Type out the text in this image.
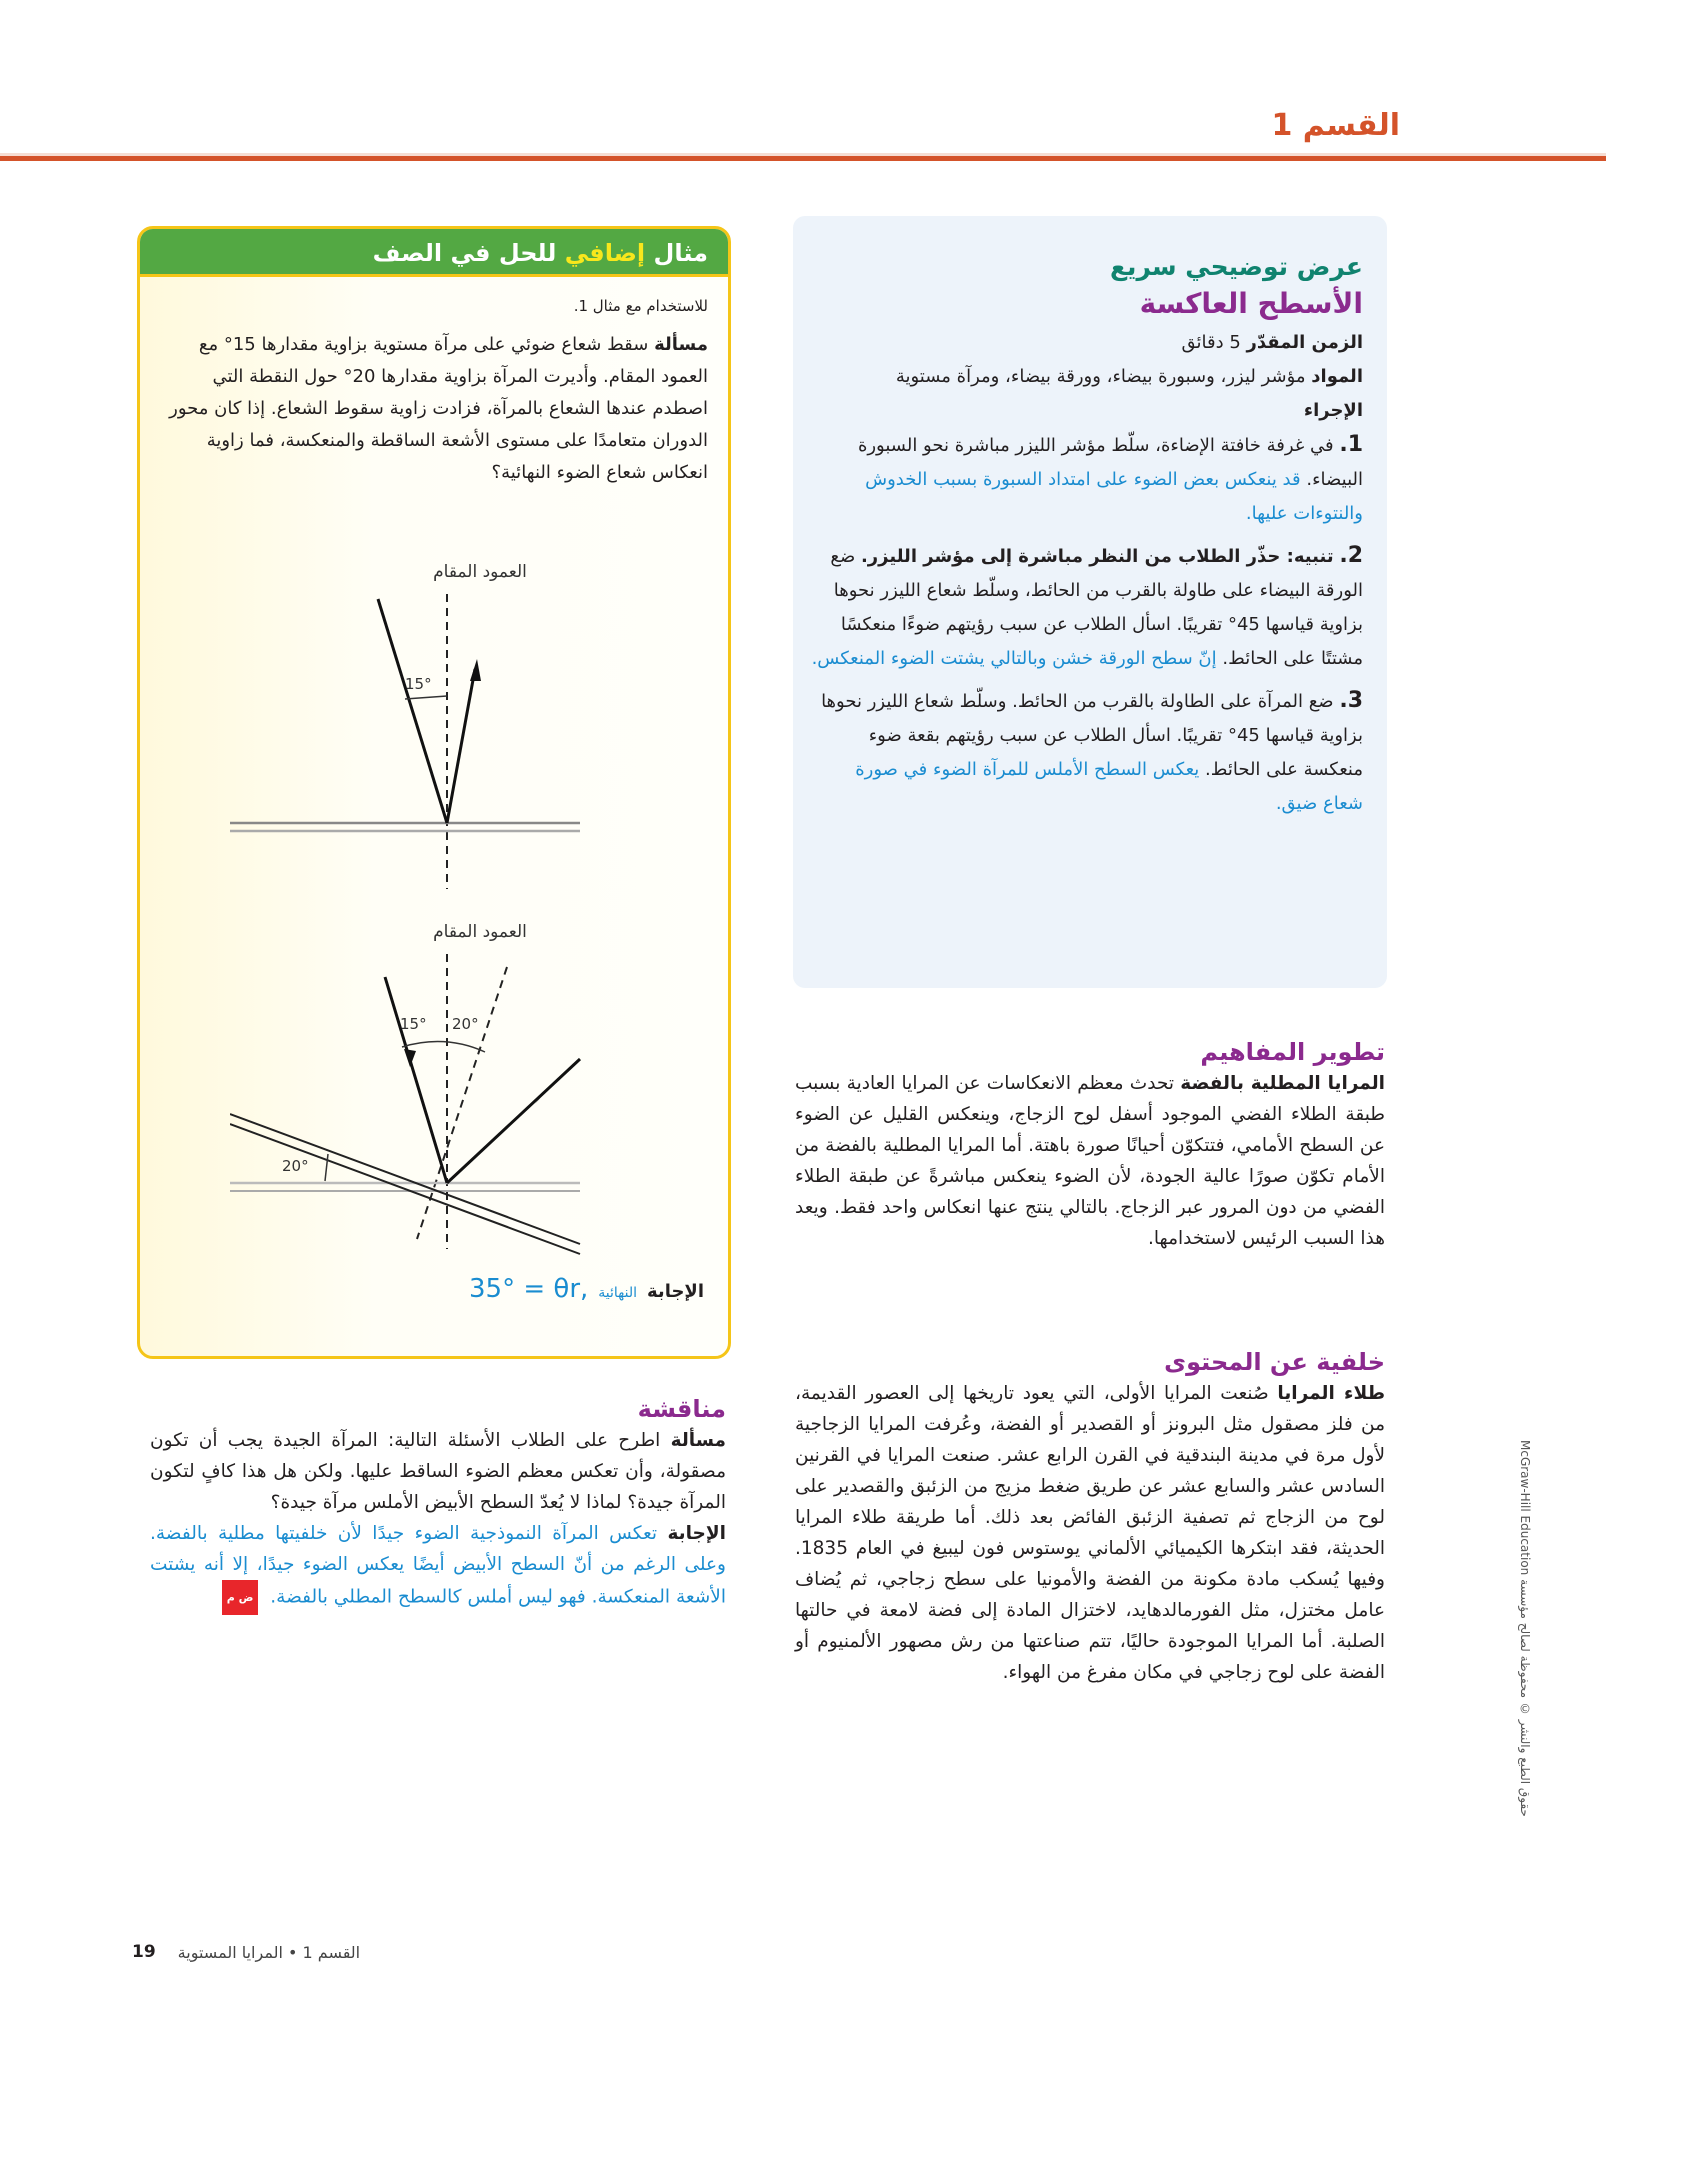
القسم 1
عرض توضيحي سريع
الأسطح العاكسة

الزمن المقدّر 5 دقائق

المواد مؤشر ليزر، وسبورة بيضاء، وورقة بيضاء، ومرآة مستوية

الإجراء

1. في غرفة خافتة الإضاءة، سلّط مؤشر الليزر مباشرة نحو السبورة البيضاء. قد ينعكس بعض الضوء على امتداد السبورة بسبب الخدوش والنتوءات عليها.

2. تنبيه: حذّر الطلاب من النظر مباشرة إلى مؤشر الليزر. ضع الورقة البيضاء على طاولة بالقرب من الحائط، وسلّط شعاع الليزر نحوها بزاوية قياسها 45° تقريبًا. اسأل الطلاب عن سبب رؤيتهم ضوءًا منعكسًا مشتتًا على الحائط. إنّ سطح الورقة خشن وبالتالي يشتت الضوء المنعكس.

3. ضع المرآة على الطاولة بالقرب من الحائط. وسلّط شعاع الليزر نحوها بزاوية قياسها 45° تقريبًا. اسأل الطلاب عن سبب رؤيتهم بقعة ضوء منعكسة على الحائط. يعكس السطح الأملس للمرآة الضوء في صورة شعاع ضيق.

تطوير المفاهيم

المرايا المطلية بالفضة تحدث معظم الانعكاسات عن المرايا العادية بسبب طبقة الطلاء الفضي الموجود أسفل لوح الزجاج، وينعكس القليل عن الضوء عن السطح الأمامي، فتتكوّن أحيانًا صورة باهتة. أما المرايا المطلية بالفضة من الأمام تكوّن صورًا عالية الجودة، لأن الضوء ينعكس مباشرةً عن طبقة الطلاء الفضي من دون المرور عبر الزجاج. بالتالي ينتج عنها انعكاس واحد فقط. ويعد هذا السبب الرئيس لاستخدامها.

خلفية عن المحتوى

طلاء المرايا صُنعت المرايا الأولى، التي يعود تاريخها إلى العصور القديمة، من فلز مصقول مثل البرونز أو القصدير أو الفضة، وعُرفت المرايا الزجاجية لأول مرة في مدينة البندقية في القرن الرابع عشر. صنعت المرايا في القرنين السادس عشر والسابع عشر عن طريق ضغط مزيج من الزئبق والقصدير على لوح من الزجاج ثم تصفية الزئبق الفائض بعد ذلك. أما طريقة طلاء المرايا الحديثة، فقد ابتكرها الكيميائي الألماني يوستوس فون ليبيغ في العام 1835. وفيها يُسكب مادة مكونة من الفضة والأمونيا على سطح زجاجي، ثم يُضاف عامل مختزل، مثل الفورمالدهايد، لاختزال المادة إلى فضة لامعة في حالتها الصلبة. أما المرايا الموجودة حاليًا، تتم صناعتها من رش مصهور الألمنيوم أو الفضة على لوح زجاجي في مكان مفرغ من الهواء.

مثال إضافي للحل في الصف

للاستخدام مع مثال 1.

مسألة سقط شعاع ضوئي على مرآة مستوية بزاوية مقدارها 15° مع العمود المقام. وأديرت المرآة بزاوية مقدارها 20° حول النقطة التي اصطدم عندها الشعاع بالمرآة، فزادت زاوية سقوط الشعاع. إذا كان محور الدوران متعامدًا على مستوى الأشعة الساقطة والمنعكسة، فما زاوية انعكاس شعاع الضوء النهائية؟

العمود المقام
15°
العمود المقام
15° 20°
20°
الإجابة
النهائية
35° = θr,
مناقشة

مسألة اطرح على الطلاب الأسئلة التالية: المرآة الجيدة يجب أن تكون مصقولة، وأن تعكس معظم الضوء الساقط عليها. ولكن هل هذا كافٍ لتكون المرآة جيدة؟ لماذا لا يُعدّ السطح الأبيض الأملس مرآة جيدة؟

الإجابة تعكس المرآة النموذجية الضوء جيدًا لأن خلفيتها مطلية بالفضة. وعلى الرغم من أنّ السطح الأبيض أيضًا يعكس الضوء جيدًا، إلا أنه يشتت الأشعة المنعكسة. فهو ليس أملس كالسطح المطلي بالفضة. ض م

القسم 1 • المرايا المستوية
19
McGraw-Hill Education حقوق الطبع والنشر © محفوظة لصالح مؤسسة
